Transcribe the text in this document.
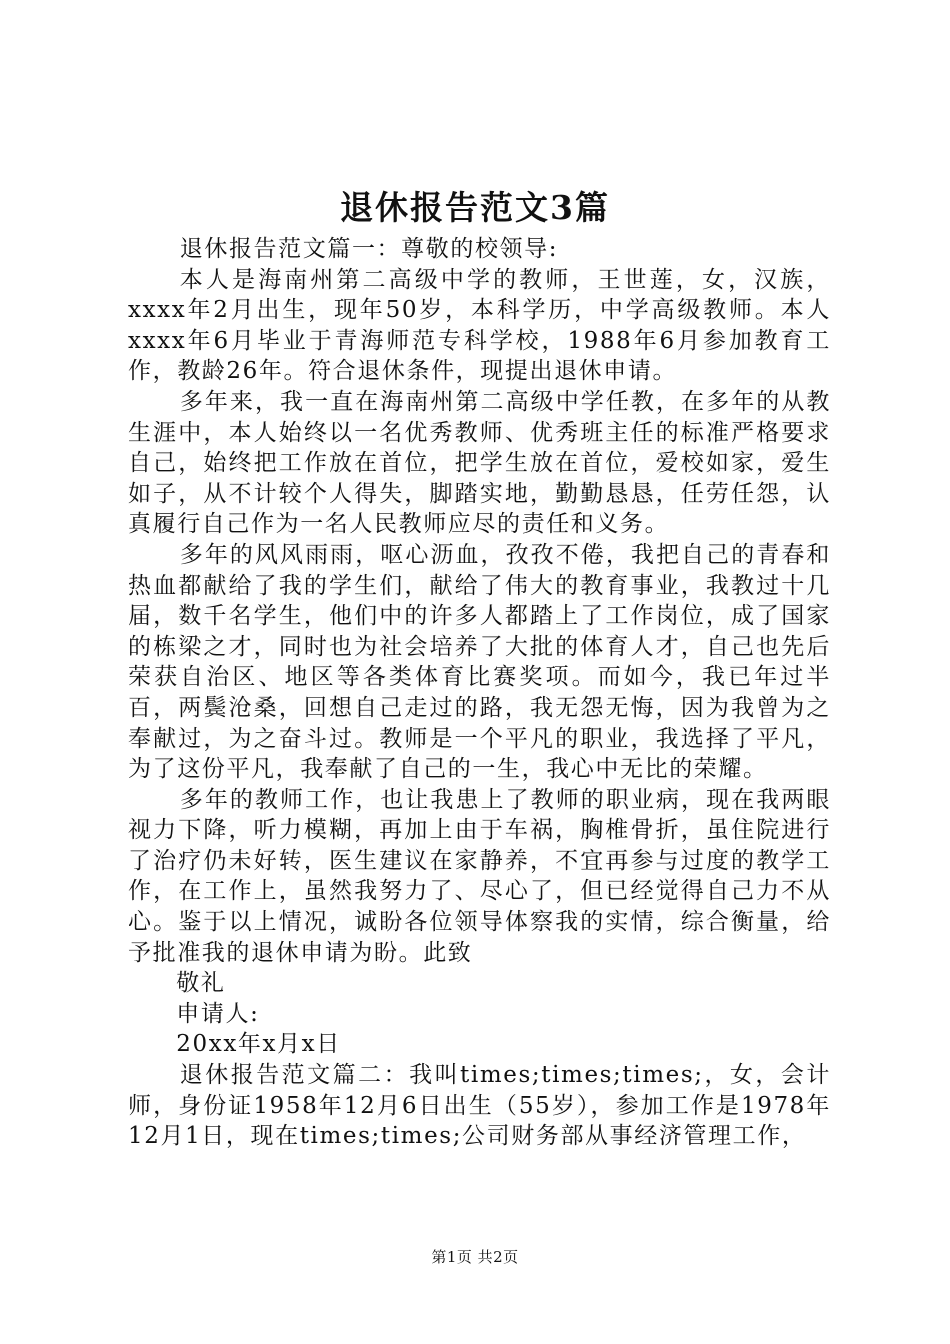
退休报告范文3篇

退休报告范文篇一：尊敬的校领导:

本人是海南州第二高级中学的教师，王世莲，女，汉族，xxxx年2月出生，现年50岁，本科学历，中学高级教师。本人xxxx年6月毕业于青海师范专科学校，1988年6月参加教育工作，教龄26年。符合退休条件，现提出退休申请。

多年来，我一直在海南州第二高级中学任教，在多年的从教生涯中，本人始终以一名优秀教师、优秀班主任的标准严格要求自己，始终把工作放在首位，把学生放在首位，爱校如家，爱生如子，从不计较个人得失，脚踏实地，勤勤恳恳，任劳任怨，认真履行自己作为一名人民教师应尽的责任和义务。

多年的风风雨雨，呕心沥血，孜孜不倦，我把自己的青春和热血都献给了我的学生们，献给了伟大的教育事业，我教过十几届，数千名学生，他们中的许多人都踏上了工作岗位，成了国家的栋梁之才，同时也为社会培养了大批的体育人才，自己也先后荣获自治区、地区等各类体育比赛奖项。而如今，我已年过半百，两鬓沧桑，回想自己走过的路，我无怨无悔，因为我曾为之奉献过，为之奋斗过。教师是一个平凡的职业，我选择了平凡，为了这份平凡，我奉献了自己的一生，我心中无比的荣耀。

多年的教师工作，也让我患上了教师的职业病，现在我两眼视力下降，听力模糊，再加上由于车祸，胸椎骨折，虽住院进行了治疗仍未好转，医生建议在家静养，不宜再参与过度的教学工作，在工作上，虽然我努力了、尽心了，但已经觉得自己力不从心。鉴于以上情况，诚盼各位领导体察我的实情，综合衡量，给予批准我的退休申请为盼。此致

敬礼

申请人:

20xx年x月x日

退休报告范文篇二：我叫times;times;times;，女，会计师，身份证1958年12月6日出生（55岁），参加工作是1978年12月1日，现在times;times;公司财务部从事经济管理工作，

第1页 共2页
